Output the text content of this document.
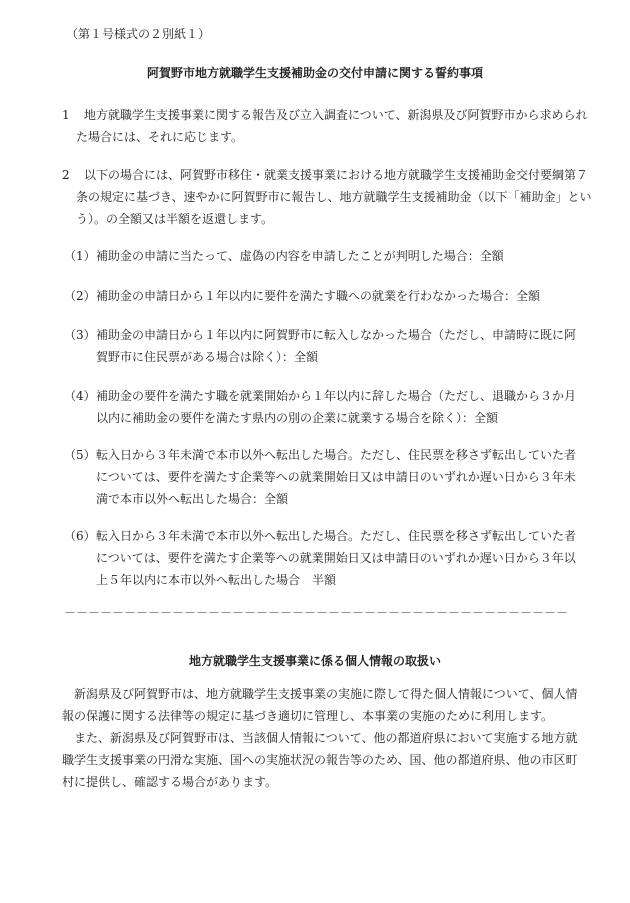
（第１号様式の２別紙１）
阿賀野市地方就職学生支援補助金の交付申請に関する誓約事項
1 地方就職学生支援事業に関する報告及び立入調査について、新潟県及び阿賀野市から求められた場合には、それに応じます。
2 以下の場合には、阿賀野市移住・就業支援事業における地方就職学生支援補助金交付要綱第７条の規定に基づき、速やかに阿賀野市に報告し、地方就職学生支援補助金（以下「補助金」という）。の全額又は半額を返還します。
（1）補助金の申請に当たって、虚偽の内容を申請したことが判明した場合：全額
（2）補助金の申請日から１年以内に要件を満たす職への就業を行わなかった場合：全額
（3）補助金の申請日から１年以内に阿賀野市に転入しなかった場合（ただし、申請時に既に阿賀野市に住民票がある場合は除く）：全額
（4）補助金の要件を満たす職を就業開始から１年以内に辞した場合（ただし、退職から３か月以内に補助金の要件を満たす県内の別の企業に就業する場合を除く）：全額
（5）転入日から３年未満で本市以外へ転出した場合。ただし、住民票を移さず転出していた者については、要件を満たす企業等への就業開始日又は申請日のいずれか遅い日から３年未満で本市以外へ転出した場合：全額
（6）転入日から３年未満で本市以外へ転出した場合。ただし、住民票を移さず転出していた者については、要件を満たす企業等への就業開始日又は申請日のいずれか遅い日から３年以上５年以内に本市以外へ転出した場合　半額
－－－－－－－－－－－－－－－－－－－－－－－－－－－－－－－－－－－－－－－－－－
地方就職学生支援事業に係る個人情報の取扱い
新潟県及び阿賀野市は、地方就職学生支援事業の実施に際して得た個人情報について、個人情報の保護に関する法律等の規定に基づき適切に管理し、本事業の実施のために利用します。
また、新潟県及び阿賀野市は、当該個人情報について、他の都道府県において実施する地方就職学生支援事業の円滑な実施、国への実施状況の報告等のため、国、他の都道府県、他の市区町村に提供し、確認する場合があります。
